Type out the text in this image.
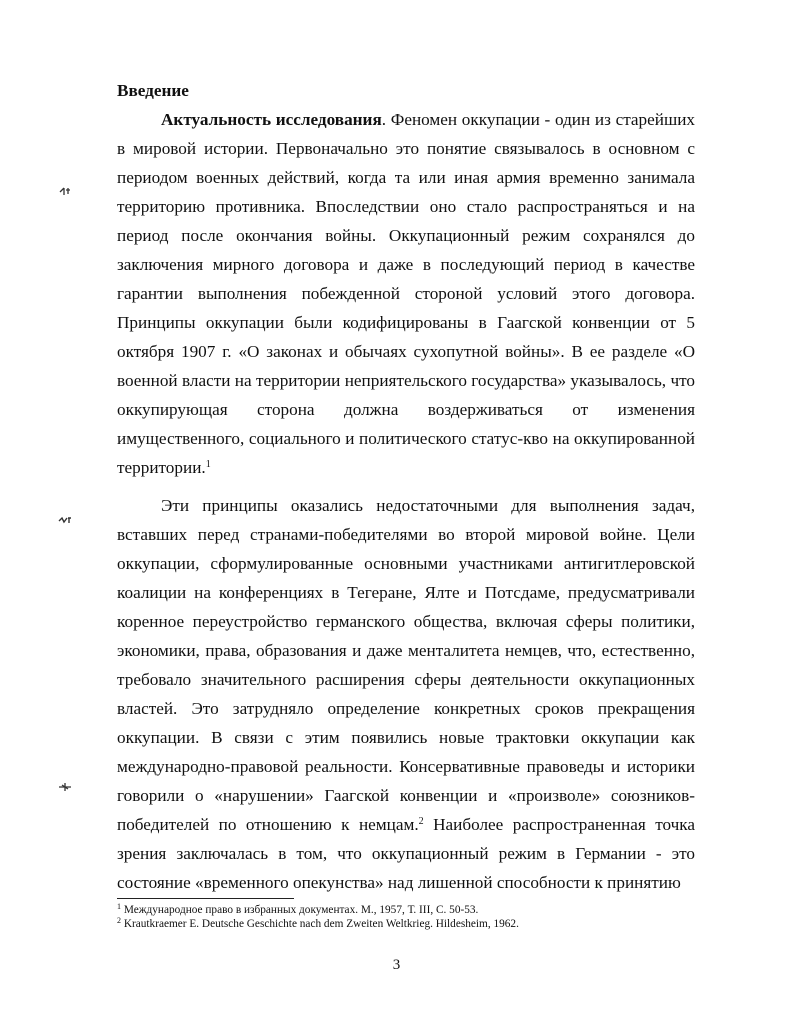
Введение

Актуальность исследования. Феномен оккупации - один из старейших в мировой истории. Первоначально это понятие связывалось в основном с периодом военных действий, когда та или иная армия временно занимала территорию противника. Впоследствии оно стало распространяться и на период после окончания войны. Оккупационный режим сохранялся до заключения мирного договора и даже в последующий период в качестве гарантии выполнения побежденной стороной условий этого договора. Принципы оккупации были кодифицированы в Гаагской конвенции от 5 октября 1907 г. «О законах и обычаях сухопутной войны». В ее разделе «О военной власти на территории неприятельского государства» указывалось, что оккупирующая сторона должна воздерживаться от изменения имущественного, социального и политического статус-кво на оккупированной территории.$^1$

Эти принципы оказались недостаточными для выполнения задач, вставших перед странами-победителями во второй мировой войне. Цели оккупации, сформулированные основными участниками антигитлеровской коалиции на конференциях в Тегеране, Ялте и Потсдаме, предусматривали коренное переустройство германского общества, включая сферы политики, экономики, права, образования и даже менталитета немцев, что, естественно, требовало значительного расширения сферы деятельности оккупационных властей. Это затрудняло определение конкретных сроков прекращения оккупации. В связи с этим появились новые трактовки оккупации как международно-правовой реальности. Консервативные правоведы и историки говорили о «нарушении» Гаагской конвенции и «произволе» союзников-победителей по отношению к немцам.$^2$ Наиболее распространенная точка зрения заключалась в том, что оккупационный режим в Германии - это состояние «временного опекунства» над лишенной способности к принятию

$^1$ Международное право в избранных документах. М., 1957, Т. III, С. 50-53.

$^2$ Krautkraemer E. Deutsche Geschichte nach dem Zweiten Weltkrieg. Hildesheim, 1962.

3
